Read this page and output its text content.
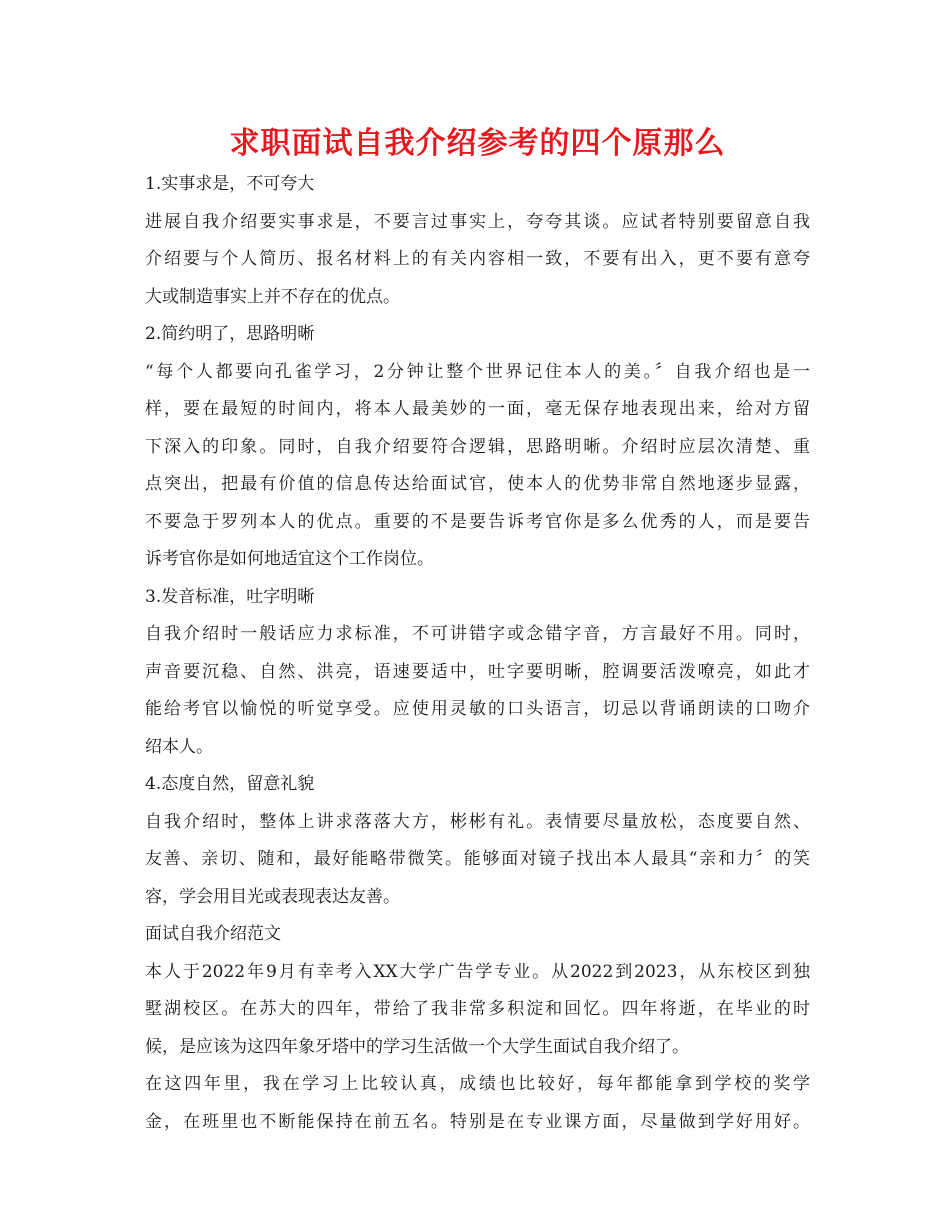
求职面试自我介绍参考的四个原那么
1.实事求是，不可夸大
进展自我介绍要实事求是，不要言过事实上，夸夸其谈。应试者特别要留意自我
介绍要与个人简历、报名材料上的有关内容相一致，不要有出入，更不要有意夸
大或制造事实上并不存在的优点。
2.简约明了，思路明晰
“每个人都要向孔雀学习，2分钟让整个世界记住本人的美。〞自我介绍也是一
样，要在最短的时间内，将本人最美妙的一面，毫无保存地表现出来，给对方留
下深入的印象。同时，自我介绍要符合逻辑，思路明晰。介绍时应层次清楚、重
点突出，把最有价值的信息传达给面试官，使本人的优势非常自然地逐步显露，
不要急于罗列本人的优点。重要的不是要告诉考官你是多么优秀的人，而是要告
诉考官你是如何地适宜这个工作岗位。
3.发音标准，吐字明晰
自我介绍时一般话应力求标准，不可讲错字或念错字音，方言最好不用。同时，
声音要沉稳、自然、洪亮，语速要适中，吐字要明晰，腔调要活泼嘹亮，如此才
能给考官以愉悦的听觉享受。应使用灵敏的口头语言，切忌以背诵朗读的口吻介
绍本人。
4.态度自然，留意礼貌
自我介绍时，整体上讲求落落大方，彬彬有礼。表情要尽量放松，态度要自然、
友善、亲切、随和，最好能略带微笑。能够面对镜子找出本人最具“亲和力〞的笑
容，学会用目光或表现表达友善。
面试自我介绍范文
本人于2022年9月有幸考入XX大学广告学专业。从2022到2023，从东校区到独
墅湖校区。在苏大的四年，带给了我非常多积淀和回忆。四年将逝，在毕业的时
候，是应该为这四年象牙塔中的学习生活做一个大学生面试自我介绍了。
在这四年里，我在学习上比较认真，成绩也比较好，每年都能拿到学校的奖学
金，在班里也不断能保持在前五名。特别是在专业课方面，尽量做到学好用好。
